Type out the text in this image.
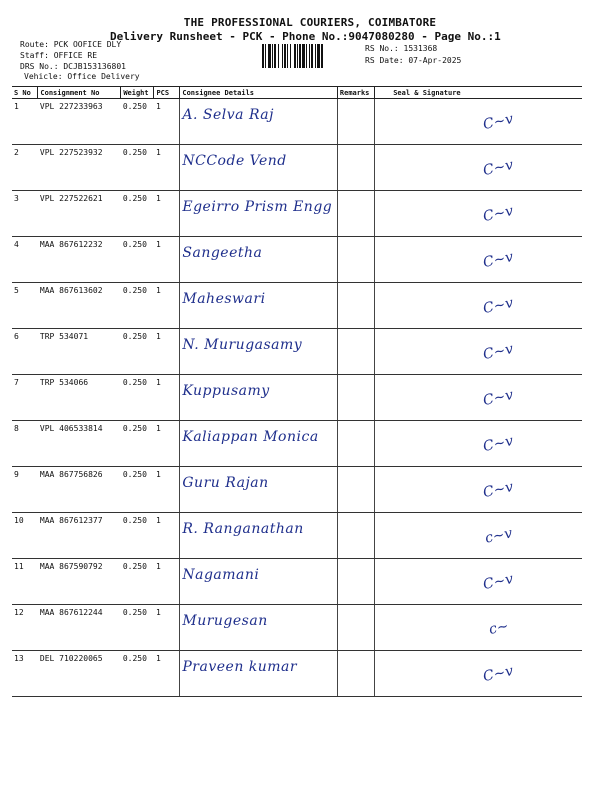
THE PROFESSIONAL COURIERS, COIMBATORE
Delivery Runsheet - PCK - Phone No.:9047080280 - Page No.:1
Route: PCK OOFICE DLY
Staff: OFFICE RE
DRS No.: DCJB153136801
Vehicle: Office Delivery
RS No.: 1531368
RS Date: 07-Apr-2025
S No	Consignment No	Weight	PCS	Consignee Details	Remarks	Seal & Signature
1	VPL 227233963	0.250	1	A. Selva Raj		C~v
2	VPL 227523932	0.250	1	NCCode Vend		C~v
3	VPL 227522621	0.250	1	Egeirro Prism Engg		C~v
4	MAA 867612232	0.250	1	Sangeetha		C~v
5	MAA 867613602	0.250	1	Maheswari		C~v
6	TRP 534071	0.250	1	N. Murugasamy		C~v
7	TRP 534066	0.250	1	Kuppusamy		C~v
8	VPL 406533814	0.250	1	Kaliappan Monica		C~v
9	MAA 867756826	0.250	1	Guru Rajan		C~v
10	MAA 867612377	0.250	1	R. Ranganathan		c~v
11	MAA 867590792	0.250	1	Nagamani		C~v
12	MAA 867612244	0.250	1	Murugesan		c~
13	DEL 710220065	0.250	1	Praveen kumar		C~v
